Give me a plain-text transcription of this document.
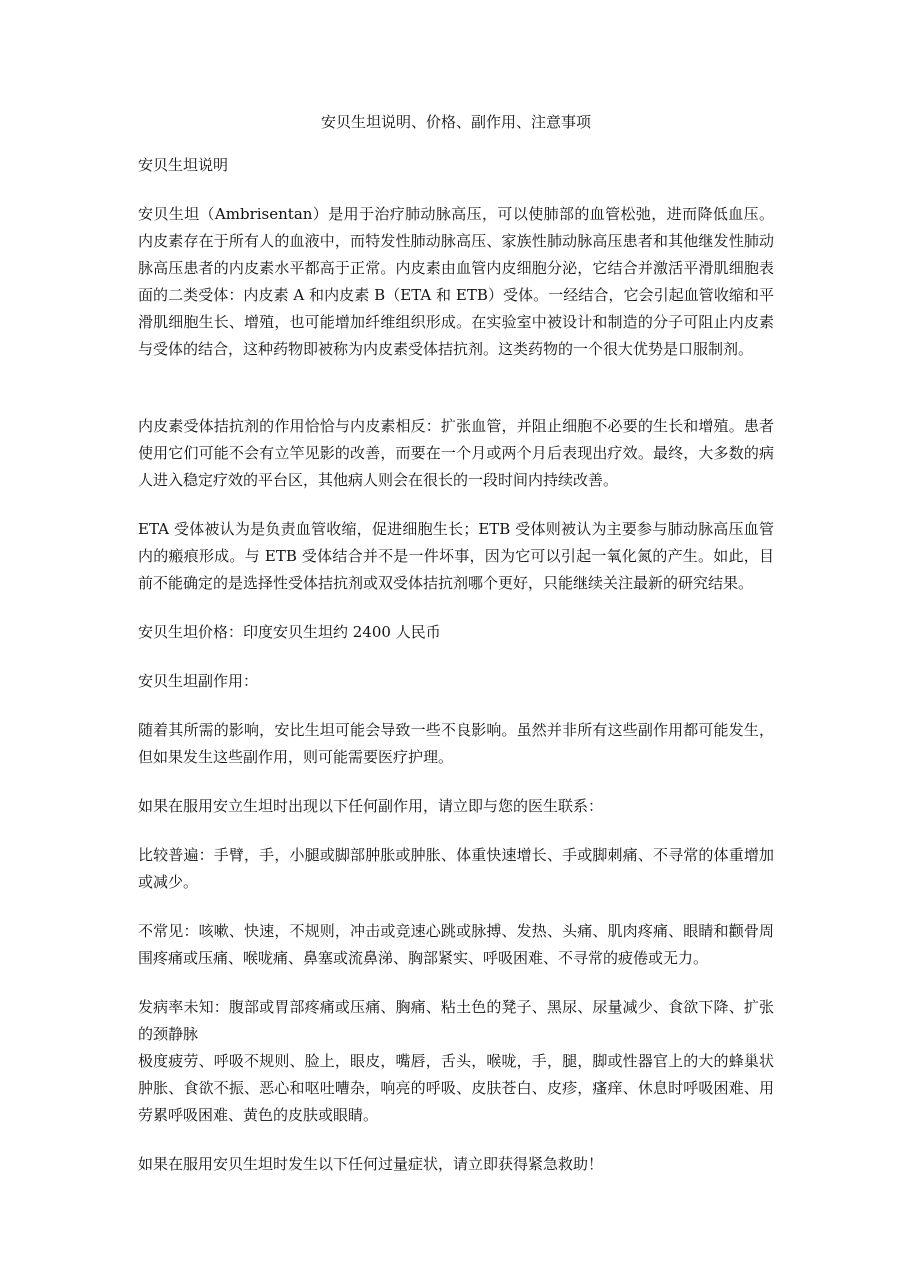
安贝生坦说明、价格、副作用、注意事项

安贝生坦说明

安贝生坦（Ambrisentan）是用于治疗肺动脉高压，可以使肺部的血管松弛，进而降低血压。内皮素存在于所有人的血液中，而特发性肺动脉高压、家族性肺动脉高压患者和其他继发性肺动脉高压患者的内皮素水平都高于正常。内皮素由血管内皮细胞分泌，它结合并激活平滑肌细胞表面的二类受体：内皮素 A 和内皮素 B（ETA 和 ETB）受体。一经结合，它会引起血管收缩和平滑肌细胞生长、增殖，也可能增加纤维组织形成。在实验室中被设计和制造的分子可阻止内皮素与受体的结合，这种药物即被称为内皮素受体拮抗剂。这类药物的一个很大优势是口服制剂。

内皮素受体拮抗剂的作用恰恰与内皮素相反：扩张血管，并阻止细胞不必要的生长和增殖。患者使用它们可能不会有立竿见影的改善，而要在一个月或两个月后表现出疗效。最终，大多数的病人进入稳定疗效的平台区，其他病人则会在很长的一段时间内持续改善。

ETA 受体被认为是负责血管收缩，促进细胞生长；ETB 受体则被认为主要参与肺动脉高压血管内的瘢痕形成。与 ETB 受体结合并不是一件坏事，因为它可以引起一氧化氮的产生。如此，目前不能确定的是选择性受体拮抗剂或双受体拮抗剂哪个更好，只能继续关注最新的研究结果。

安贝生坦价格：印度安贝生坦约 2400 人民币

安贝生坦副作用：

随着其所需的影响，安比生坦可能会导致一些不良影响。虽然并非所有这些副作用都可能发生，但如果发生这些副作用，则可能需要医疗护理。

如果在服用安立生坦时出现以下任何副作用，请立即与您的医生联系：

比较普遍：手臂，手，小腿或脚部肿胀或肿胀、体重快速增长、手或脚刺痛、不寻常的体重增加或减少。

不常见：咳嗽、快速，不规则，冲击或竞速心跳或脉搏、发热、头痛、肌肉疼痛、眼睛和颧骨周围疼痛或压痛、喉咙痛、鼻塞或流鼻涕、胸部紧实、呼吸困难、不寻常的疲倦或无力。

发病率未知：腹部或胃部疼痛或压痛、胸痛、粘土色的凳子、黑尿、尿量减少、食欲下降、扩张的颈静脉

极度疲劳、呼吸不规则、脸上，眼皮，嘴唇，舌头，喉咙，手，腿，脚或性器官上的大的蜂巢状肿胀、食欲不振、恶心和呕吐嘈杂，响亮的呼吸、皮肤苍白、皮疹，瘙痒、休息时呼吸困难、用劳累呼吸困难、黄色的皮肤或眼睛。

如果在服用安贝生坦时发生以下任何过量症状，请立即获得紧急救助！
